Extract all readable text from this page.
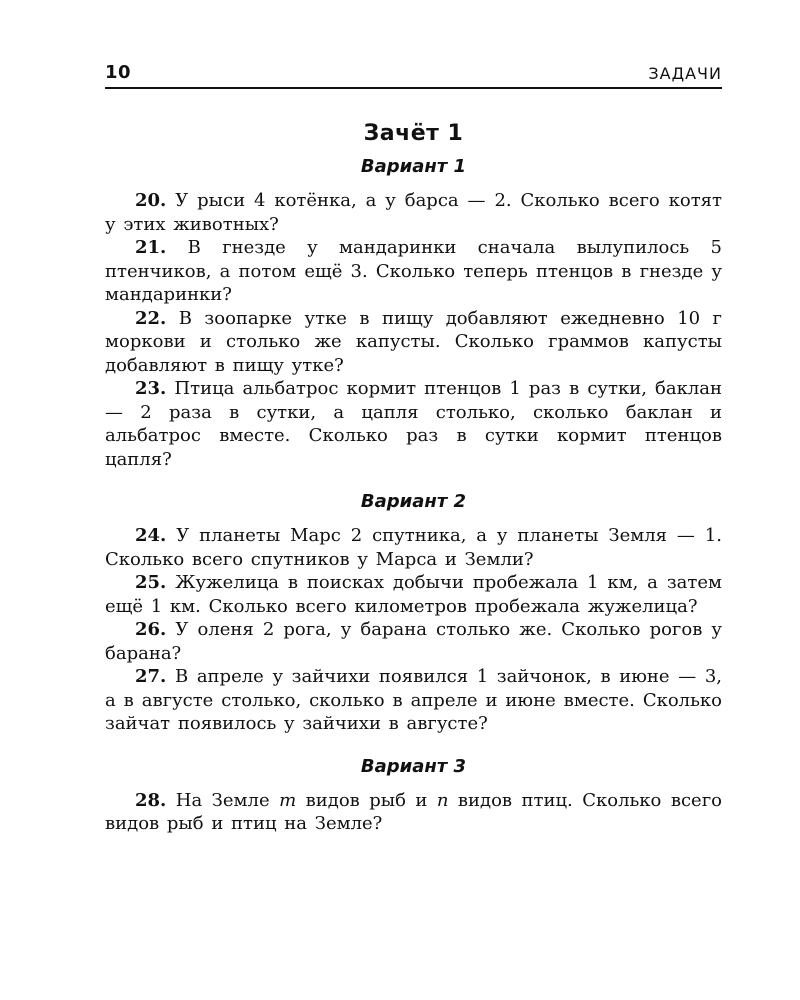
10	ЗАДАЧИ
Зачёт 1
Вариант 1

20. У рыси 4 котёнка, а у барса — 2. Сколько всего котят у этих животных?

21. В гнезде у мандаринки сначала вылупилось 5 птенчиков, а потом ещё 3. Сколько теперь птенцов в гнезде у мандаринки?

22. В зоопарке утке в пищу добавляют ежедневно 10 г моркови и столько же капусты. Сколько граммов капусты добавляют в пищу утке?

23. Птица альбатрос кормит птенцов 1 раз в сутки, баклан — 2 раза в сутки, а цапля столько, сколько баклан и альбатрос вместе. Сколько раз в сутки кормит птенцов цапля?

Вариант 2

24. У планеты Марс 2 спутника, а у планеты Земля — 1. Сколько всего спутников у Марса и Земли?

25. Жужелица в поисках добычи пробежала 1 км, а затем ещё 1 км. Сколько всего километров пробежала жужелица?

26. У оленя 2 рога, у барана столько же. Сколько рогов у барана?

27. В апреле у зайчихи появился 1 зайчонок, в июне — 3, а в августе столько, сколько в апреле и июне вместе. Сколько зайчат появилось у зайчихи в августе?

Вариант 3

28. На Земле m видов рыб и n видов птиц. Сколько всего видов рыб и птиц на Земле?
